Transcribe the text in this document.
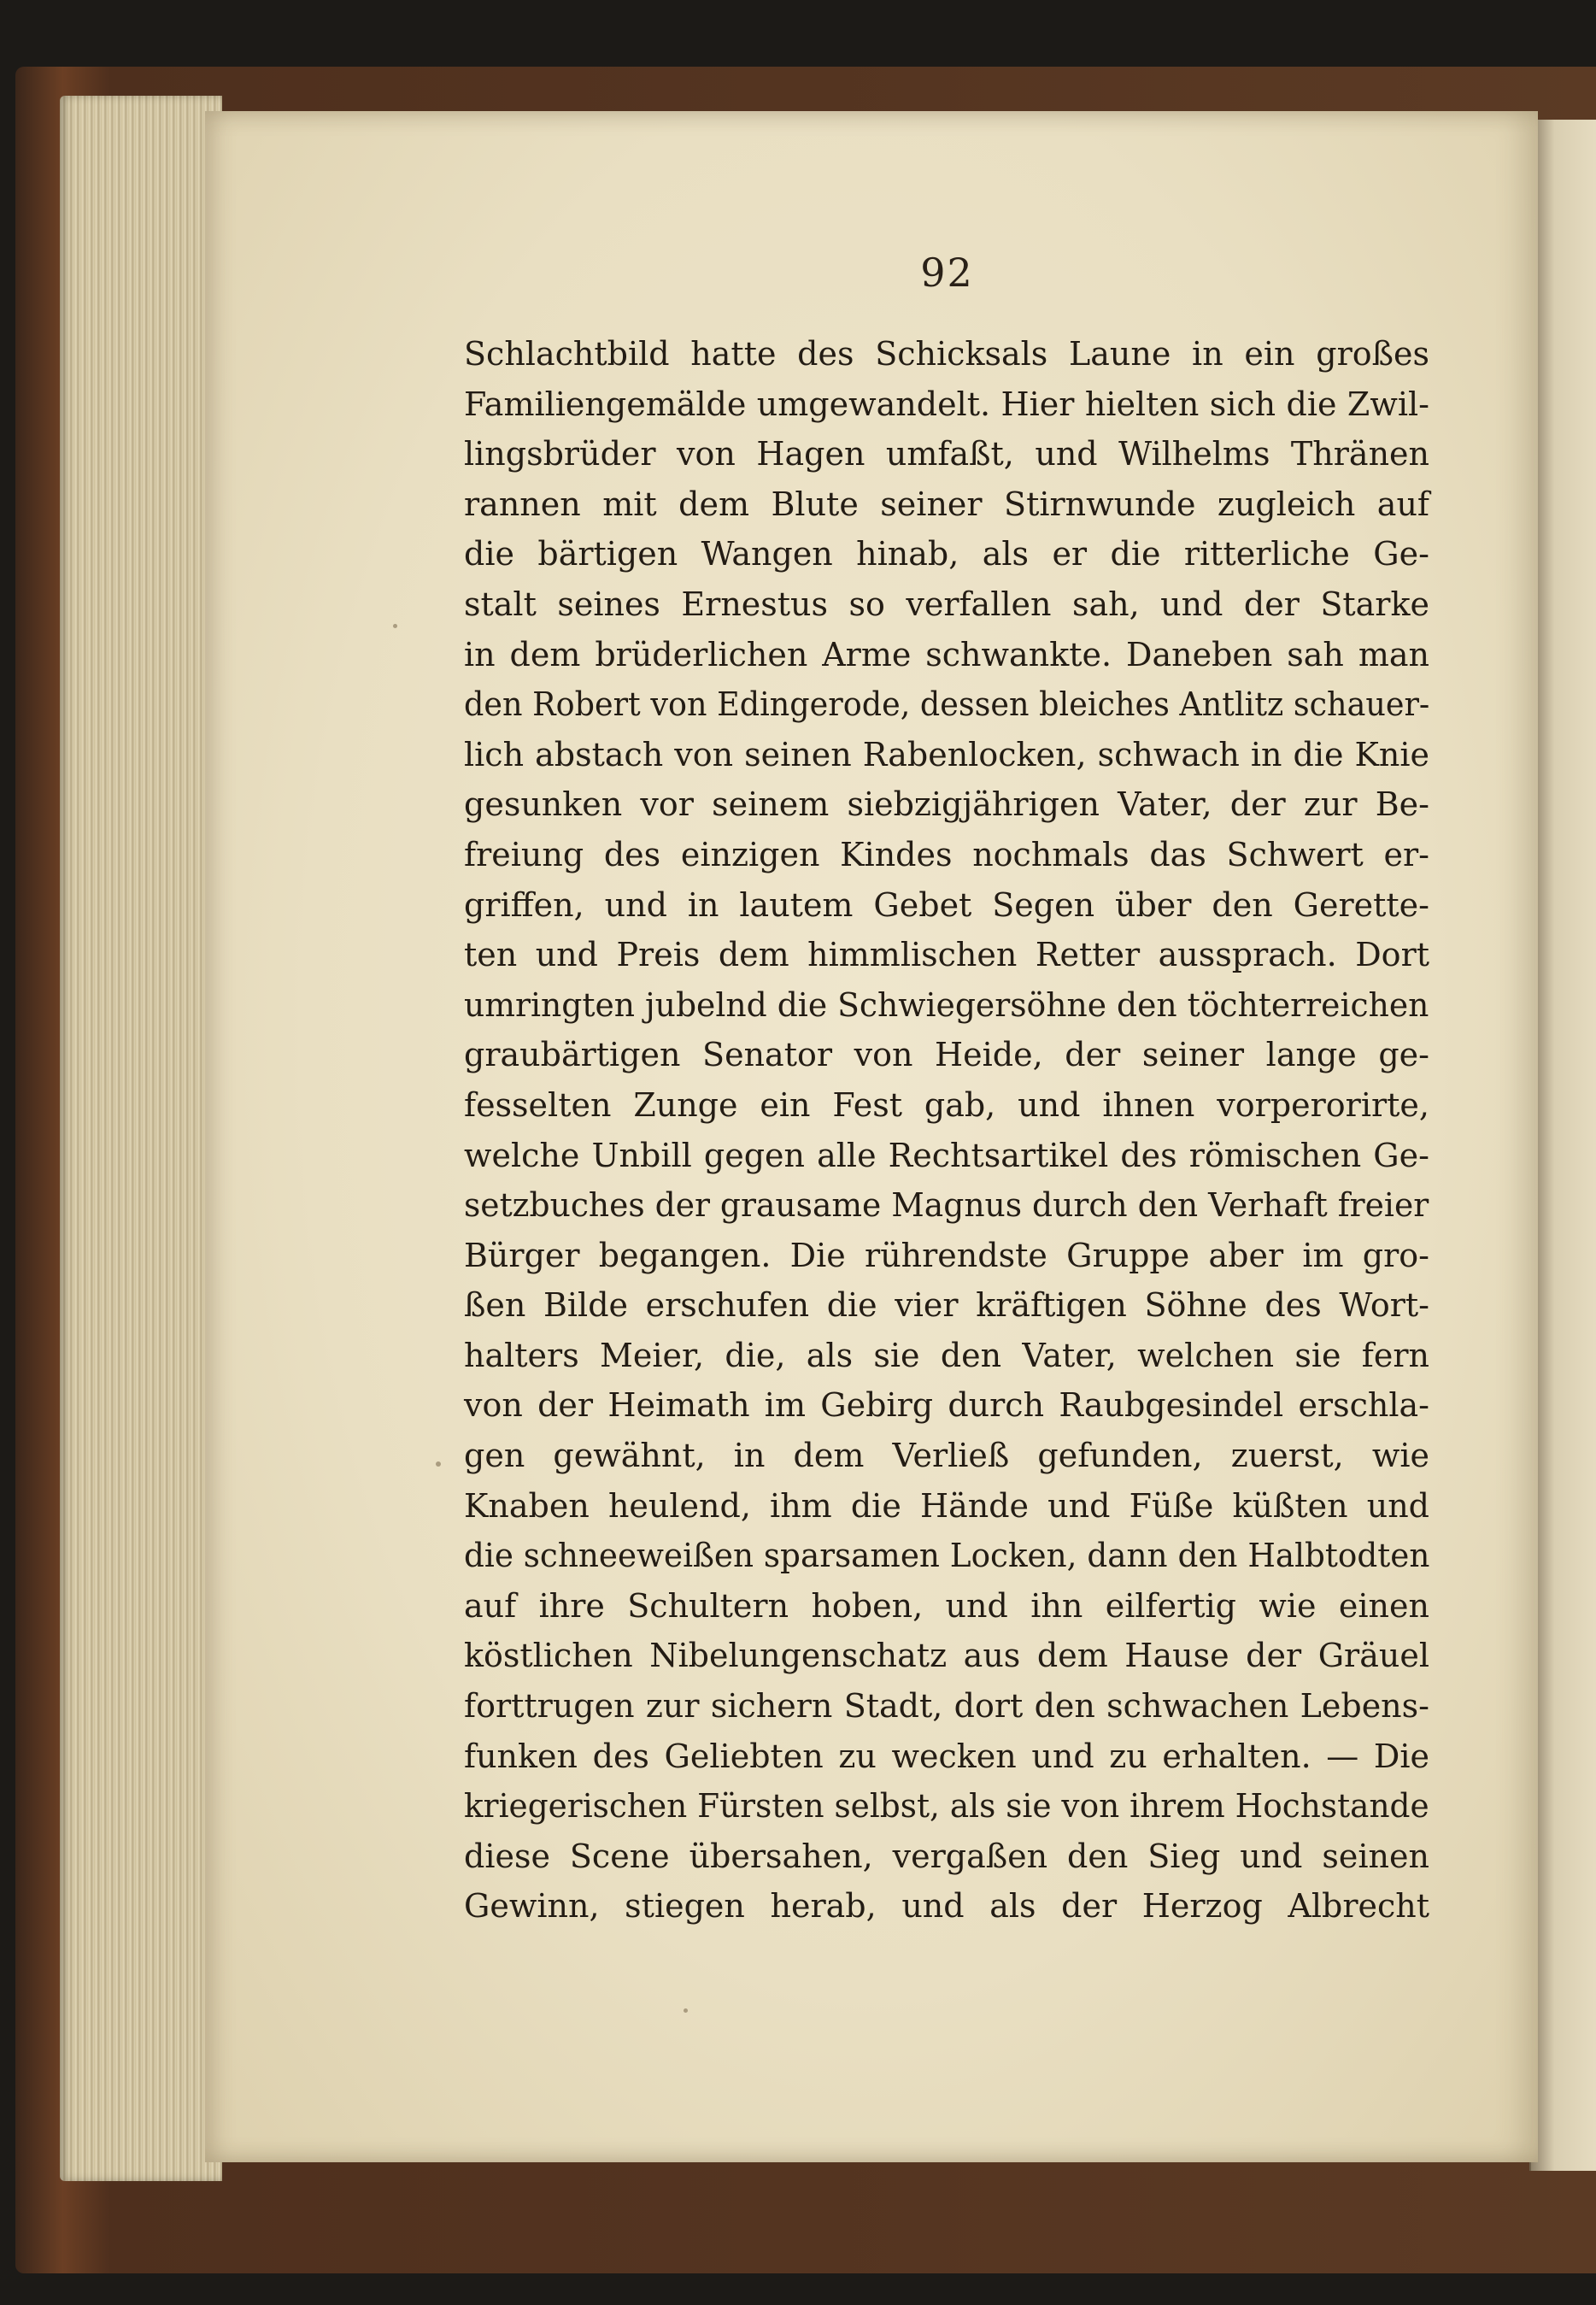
92
Schlachtbild hatte des Schicksals Laune in ein großes
Familiengemälde umgewandelt. Hier hielten sich die Zwil-
lingsbrüder von Hagen umfaßt, und Wilhelms Thränen
rannen mit dem Blute seiner Stirnwunde zugleich auf
die bärtigen Wangen hinab, als er die ritterliche Ge-
stalt seines Ernestus so verfallen sah, und der Starke
in dem brüderlichen Arme schwankte. Daneben sah man
den Robert von Edingerode, dessen bleiches Antlitz schauer-
lich abstach von seinen Rabenlocken, schwach in die Knie
gesunken vor seinem siebzigjährigen Vater, der zur Be-
freiung des einzigen Kindes nochmals das Schwert er-
griffen, und in lautem Gebet Segen über den Gerette-
ten und Preis dem himmlischen Retter aussprach. Dort
umringten jubelnd die Schwiegersöhne den töchterreichen
graubärtigen Senator von Heide, der seiner lange ge-
fesselten Zunge ein Fest gab, und ihnen vorperorirte,
welche Unbill gegen alle Rechtsartikel des römischen Ge-
setzbuches der grausame Magnus durch den Verhaft freier
Bürger begangen. Die rührendste Gruppe aber im gro-
ßen Bilde erschufen die vier kräftigen Söhne des Wort-
halters Meier, die, als sie den Vater, welchen sie fern
von der Heimath im Gebirg durch Raubgesindel erschla-
gen gewähnt, in dem Verließ gefunden, zuerst, wie
Knaben heulend, ihm die Hände und Füße küßten und
die schneeweißen sparsamen Locken, dann den Halbtodten
auf ihre Schultern hoben, und ihn eilfertig wie einen
köstlichen Nibelungenschatz aus dem Hause der Gräuel
forttrugen zur sichern Stadt, dort den schwachen Lebens-
funken des Geliebten zu wecken und zu erhalten. — Die
kriegerischen Fürsten selbst, als sie von ihrem Hochstande
diese Scene übersahen, vergaßen den Sieg und seinen
Gewinn, stiegen herab, und als der Herzog Albrecht
